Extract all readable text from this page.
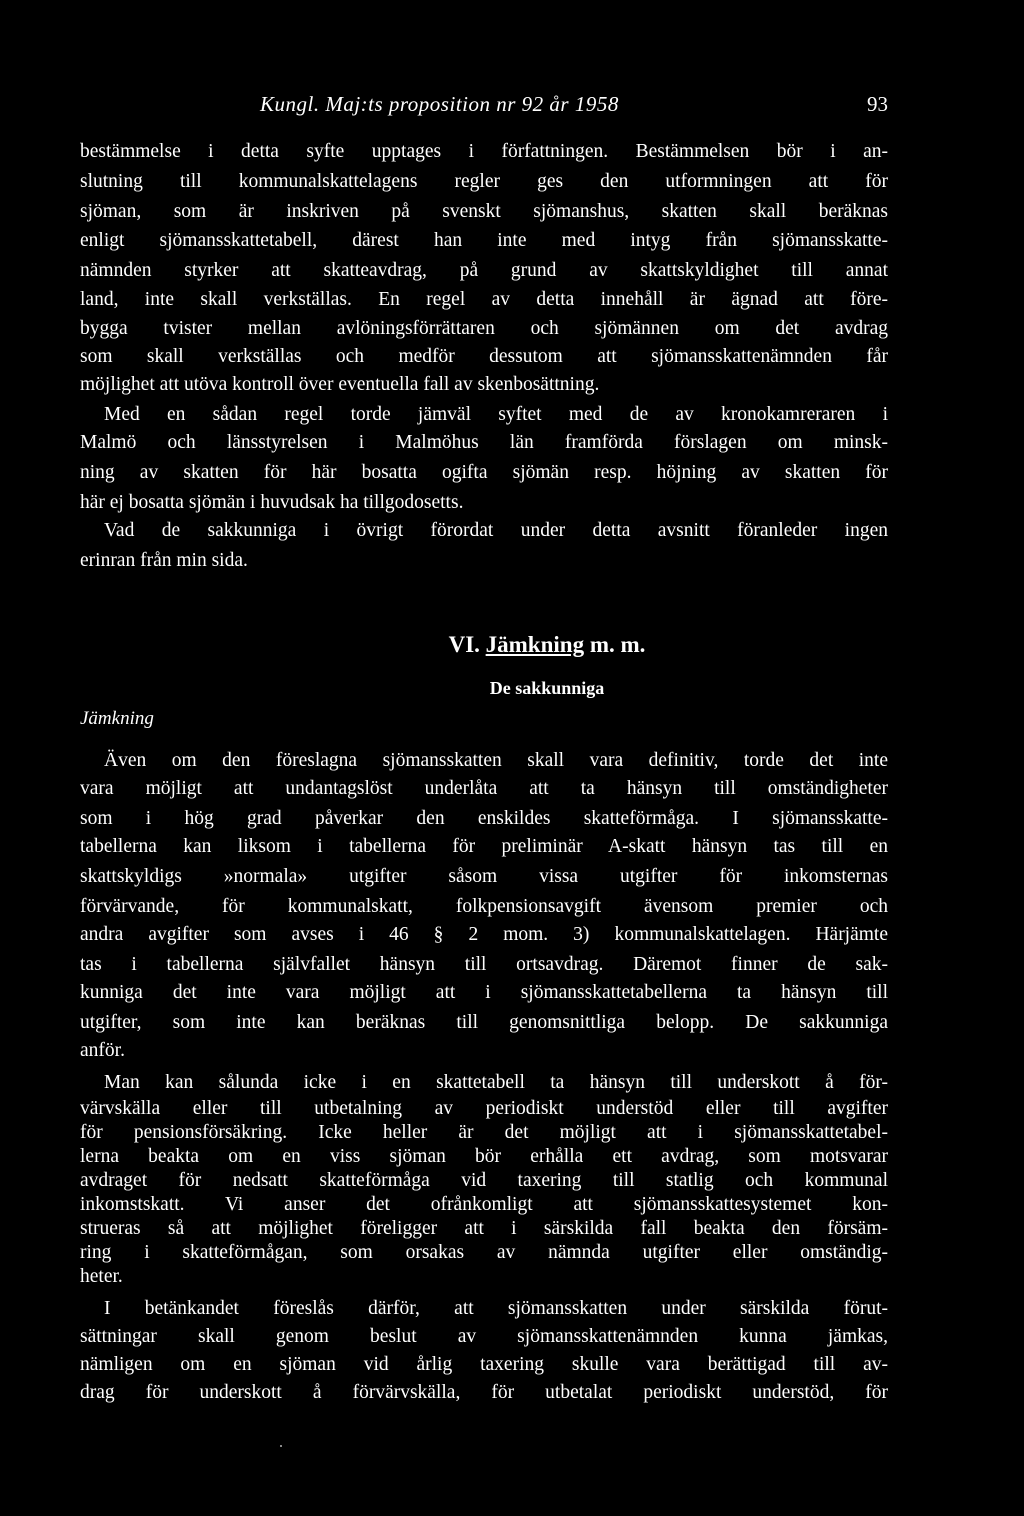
Kungl. Maj:ts proposition nr 92 år 1958	93
bestämmelse i detta syfte upptages i författningen. Bestämmelsen bör i an-
slutning till kommunalskattelagens regler ges den utformningen att för
sjöman, som är inskriven på svenskt sjömanshus, skatten skall beräknas
enligt sjömansskattetabell, därest han inte med intyg från sjömansskatte-
nämnden styrker att skatteavdrag, på grund av skattskyldighet till annat
land, inte skall verkställas. En regel av detta innehåll är ägnad att före-
bygga tvister mellan avlöningsförrättaren och sjömännen om det avdrag
som skall verkställas och medför dessutom att sjömansskattenämnden får
möjlighet att utöva kontroll över eventuella fall av skenbosättning.
Med en sådan regel torde jämväl syftet med de av kronokamreraren i
Malmö och länsstyrelsen i Malmöhus län framförda förslagen om minsk-
ning av skatten för här bosatta ogifta sjömän resp. höjning av skatten för
här ej bosatta sjömän i huvudsak ha tillgodosetts.
Vad de sakkunniga i övrigt förordat under detta avsnitt föranleder ingen
erinran från min sida.
VI. Jämkning m. m.
De sakkunniga
Jämkning
Även om den föreslagna sjömansskatten skall vara definitiv, torde det inte
vara möjligt att undantagslöst underlåta att ta hänsyn till omständigheter
som i hög grad påverkar den enskildes skatteförmåga. I sjömansskatte-
tabellerna kan liksom i tabellerna för preliminär A-skatt hänsyn tas till en
skattskyldigs »normala» utgifter såsom vissa utgifter för inkomsternas
förvärvande, för kommunalskatt, folkpensionsavgift ävensom premier och
andra avgifter som avses i 46 § 2 mom. 3) kommunalskattelagen. Härjämte
tas i tabellerna självfallet hänsyn till ortsavdrag. Däremot finner de sak-
kunniga det inte vara möjligt att i sjömansskattetabellerna ta hänsyn till
utgifter, som inte kan beräknas till genomsnittliga belopp. De sakkunniga
anför.
Man kan sålunda icke i en skattetabell ta hänsyn till underskott å för-
värvskälla eller till utbetalning av periodiskt understöd eller till avgifter
för pensionsförsäkring. Icke heller är det möjligt att i sjömansskattetabel-
lerna beakta om en viss sjöman bör erhålla ett avdrag, som motsvarar
avdraget för nedsatt skatteförmåga vid taxering till statlig och kommunal
inkomstskatt. Vi anser det ofrånkomligt att sjömansskattesystemet kon-
strueras så att möjlighet föreligger att i särskilda fall beakta den försäm-
ring i skatteförmågan, som orsakas av nämnda utgifter eller omständig-
heter.
I betänkandet föreslås därför, att sjömansskatten under särskilda förut-
sättningar skall genom beslut av sjömansskattenämnden kunna jämkas,
nämligen om en sjöman vid årlig taxering skulle vara berättigad till av-
drag för underskott å förvärvskälla, för utbetalat periodiskt understöd, för
